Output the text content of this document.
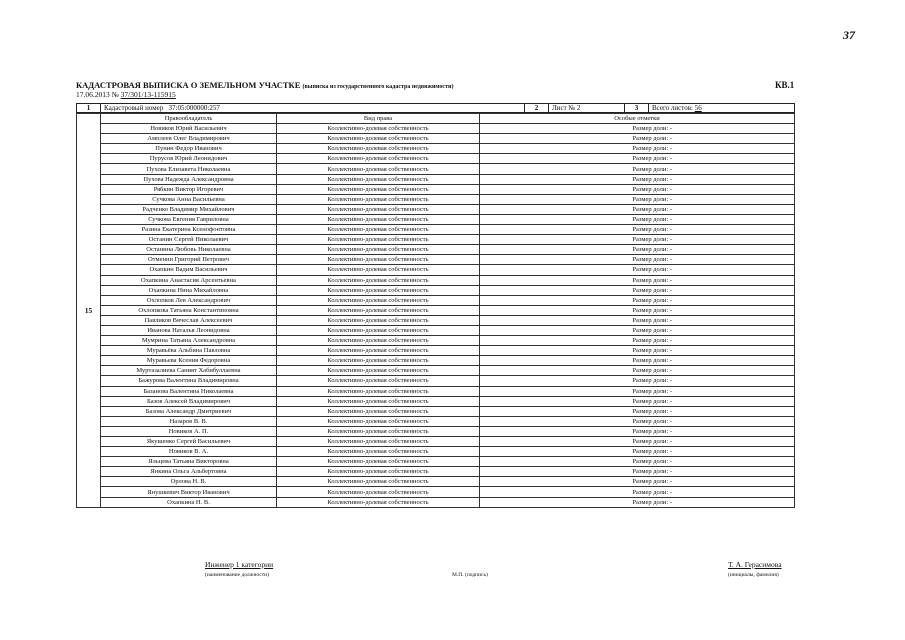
37
КАДАСТРОВАЯ ВЫПИСКА О ЗЕМЕЛЬНОМ УЧАСТКЕ (выписка из государственного кадастра недвижимости)	КВ.1
17.06.2013 № 37/301/13-115915
1	Кадастровый номер 37:05:000000:257	2	Лист № 2	3	Всего листов: 56
15	Правообладатель	Вид права	Особые отметки
	Новиков Юрий Васильевич	Коллективно-долевая собственность	Размер доли: -
	Амплеев Олег Владимирович	Коллективно-долевая собственность	Размер доли: -
	Пунин Федор Иванович	Коллективно-долевая собственность	Размер доли: -
	Пурусов Юрий Леонидович	Коллективно-долевая собственность	Размер доли: -
	Пухова Елизавета Николаевна	Коллективно-долевая собственность	Размер доли: -
	Пухова Надежда Александровна	Коллективно-долевая собственность	Размер доли: -
	Рябкин Виктор Игоревич	Коллективно-долевая собственность	Размер доли: -
	Сучкова Анна Васильевна	Коллективно-долевая собственность	Размер доли: -
	Радченко Владимир Михайлович	Коллективно-долевая собственность	Размер доли: -
	Сучкова Евгения Гавриловна	Коллективно-долевая собственность	Размер доли: -
	Разина Екатерина Ксенофонтовна	Коллективно-долевая собственность	Размер доли: -
	Останин Сергей Николаевич	Коллективно-долевая собственность	Размер доли: -
	Останина Любовь Николаевна	Коллективно-долевая собственность	Размер доли: -
	Отменин Григорий Петрович	Коллективно-долевая собственность	Размер доли: -
	Охапкин Вадим Васильевич	Коллективно-долевая собственность	Размер доли: -
	Охапкина Анастасия Арсентьевна	Коллективно-долевая собственность	Размер доли: -
	Охапкина Нина Михайловна	Коллективно-долевая собственность	Размер доли: -
	Охлопков Лев Александрович	Коллективно-долевая собственность	Размер доли: -
	Охлопкова Татьяна Константиновна	Коллективно-долевая собственность	Размер доли: -
	Павликов Вячеслав Алексеевич	Коллективно-долевая собственность	Размер доли: -
	Иванова Наталья Леонидовна	Коллективно-долевая собственность	Размер доли: -
	Мумрина Татьяна Александровна	Коллективно-долевая собственность	Размер доли: -
	Муравьёва Альбина Павловна	Коллективно-долевая собственность	Размер доли: -
	Муравьева Ксения Федоровна	Коллективно-долевая собственность	Размер доли: -
	Муртазалиева Саният Хабибуллаевна	Коллективно-долевая собственность	Размер доли: -
	Бажурова Валентина Владимировна	Коллективно-долевая собственность	Размер доли: -
	Базанова Валентина Николаевна	Коллективно-долевая собственность	Размер доли: -
	Базов Алексей Владимирович	Коллективно-долевая собственность	Размер доли: -
	Базова Александр Дмитриевич	Коллективно-долевая собственность	Размер доли: -
	Назаров В. В.	Коллективно-долевая собственность	Размер доли: -
	Новиков А. П.	Коллективно-долевая собственность	Размер доли: -
	Якушенко Сергей Васильевич	Коллективно-долевая собственность	Размер доли: -
	Новиков В. А.	Коллективно-долевая собственность	Размер доли: -
	Яльцева Татьяна Викторовна	Коллективно-долевая собственность	Размер доли: -
	Янкина Ольга Альбертовна	Коллективно-долевая собственность	Размер доли: -
	Орлова Н. В.	Коллективно-долевая собственность	Размер доли: -
	Янушкевич Виктор Иванович	Коллективно-долевая собственность	Размер доли: -
	Охапкина Н. В.	Коллективно-долевая собственность	Размер доли: -
Инженер 1 категории
(наименование должности)	М.П. (подпись)
Т. А. Герасимова
(инициалы, фамилия)
